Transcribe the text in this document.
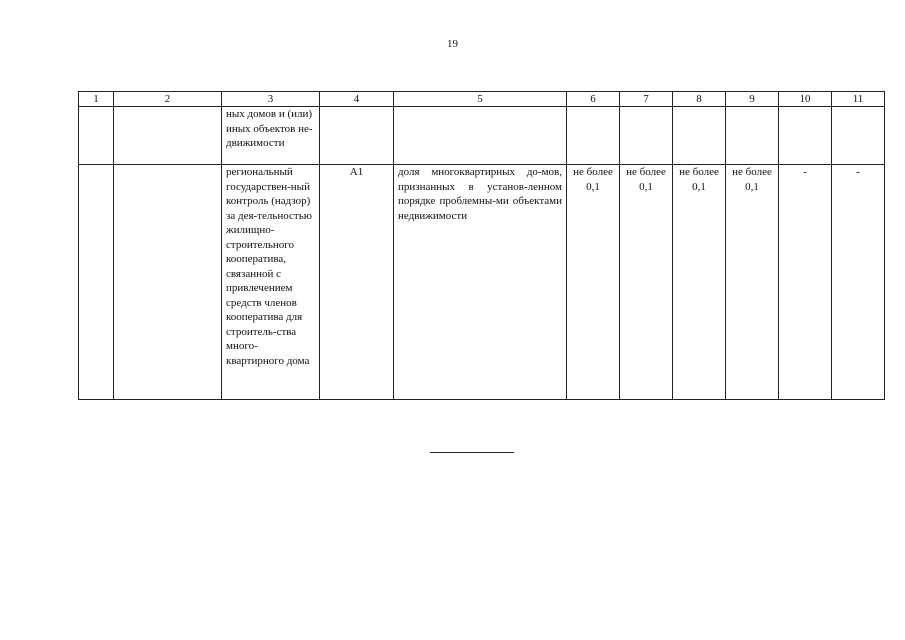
19
1	2	3	4	5	6	7	8	9	10	11
		ных домов и (или) иных объектов не-движимости								
		региональный государствен-ный контроль (надзор) за дея-тельностью жилищно-строительного кооператива, связанной с привлечением средств членов кооператива для строитель-ства много-квартирного дома	А1	доля многоквартирных до-мов, признанных в установ-ленном порядке проблемны-ми объектами недвижимости	не более 0,1	не более 0,1	не более 0,1	не более 0,1	-	-
